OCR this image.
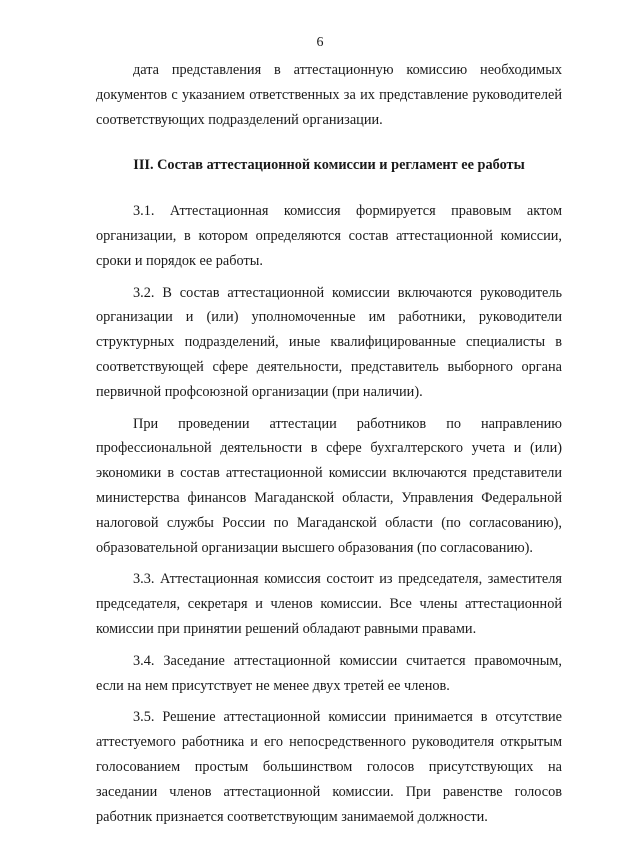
6

дата представления в аттестационную комиссию необходимых документов с указанием ответственных за их представление руководителей соответствующих подразделений организации.

III. Состав аттестационной комиссии и регламент ее работы

3.1. Аттестационная комиссия формируется правовым актом организации, в котором определяются состав аттестационной комиссии, сроки и порядок ее работы.

3.2. В состав аттестационной комиссии включаются руководитель организации и (или) уполномоченные им работники, руководители структурных подразделений, иные квалифицированные специалисты в соответствующей сфере деятельности, представитель выборного органа первичной профсоюзной организации (при наличии).

При проведении аттестации работников по направлению профессиональной деятельности в сфере бухгалтерского учета и (или) экономики в состав аттестационной комиссии включаются представители министерства финансов Магаданской области, Управления Федеральной налоговой службы России по Магаданской области (по согласованию), образовательной организации высшего образования (по согласованию).

3.3. Аттестационная комиссия состоит из председателя, заместителя председателя, секретаря и членов комиссии. Все члены аттестационной комиссии при принятии решений обладают равными правами.

3.4. Заседание аттестационной комиссии считается правомочным, если на нем присутствует не менее двух третей ее членов.

3.5. Решение аттестационной комиссии принимается в отсутствие аттестуемого работника и его непосредственного руководителя открытым голосованием простым большинством голосов присутствующих на заседании членов аттестационной комиссии. При равенстве голосов работник признается соответствующим занимаемой должности.
